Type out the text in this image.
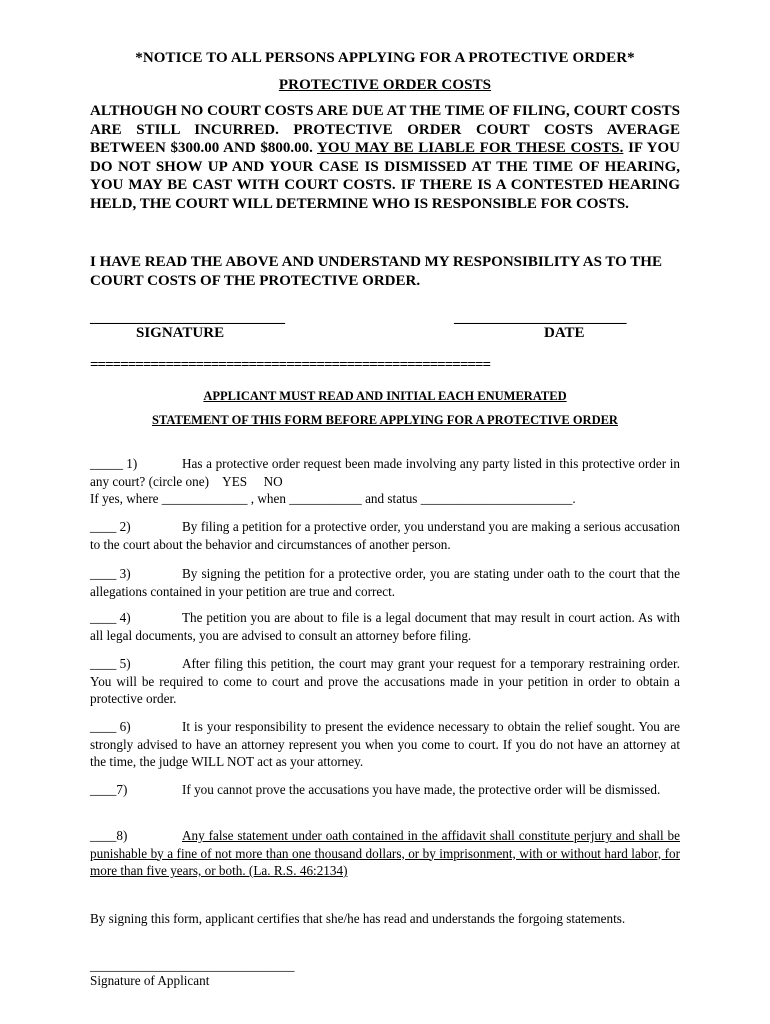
*NOTICE TO ALL PERSONS APPLYING FOR A PROTECTIVE ORDER*
PROTECTIVE ORDER COSTS
ALTHOUGH NO COURT COSTS ARE DUE AT THE TIME OF FILING, COURT COSTS ARE STILL INCURRED. PROTECTIVE ORDER COURT COSTS AVERAGE BETWEEN $300.00 AND $800.00. YOU MAY BE LIABLE FOR THESE COSTS. IF YOU DO NOT SHOW UP AND YOUR CASE IS DISMISSED AT THE TIME OF HEARING, YOU MAY BE CAST WITH COURT COSTS. IF THERE IS A CONTESTED HEARING HELD, THE COURT WILL DETERMINE WHO IS RESPONSIBLE FOR COSTS.
I HAVE READ THE ABOVE AND UNDERSTAND MY RESPONSIBILITY AS TO THE COURT COSTS OF THE PROTECTIVE ORDER.
__________________________
SIGNATURE
_______________________
DATE
=====================================================
APPLICANT MUST READ AND INITIAL EACH ENUMERATED
STATEMENT OF THIS FORM BEFORE APPLYING FOR A PROTECTIVE ORDER
_____ 1)	Has a protective order request been made involving any party listed in this protective order in any court? (circle one) YES NO
If yes, where _____________ , when ___________ and status _______________________.
____ 2)	By filing a petition for a protective order, you understand you are making a serious accusation to the court about the behavior and circumstances of another person.
____ 3)	By signing the petition for a protective order, you are stating under oath to the court that the allegations contained in your petition are true and correct.
____ 4)	The petition you are about to file is a legal document that may result in court action. As with all legal documents, you are advised to consult an attorney before filing.
____ 5)	After filing this petition, the court may grant your request for a temporary restraining order. You will be required to come to court and prove the accusations made in your petition in order to obtain a protective order.
____ 6)	It is your responsibility to present the evidence necessary to obtain the relief sought. You are strongly advised to have an attorney represent you when you come to court. If you do not have an attorney at the time, the judge WILL NOT act as your attorney.
____7)	If you cannot prove the accusations you have made, the protective order will be dismissed.
____8)	Any false statement under oath contained in the affidavit shall constitute perjury and shall be punishable by a fine of not more than one thousand dollars, or by imprisonment, with or without hard labor, for more than five years, or both. (La. R.S. 46:2134)
By signing this form, applicant certifies that she/he has read and understands the forgoing statements.
_______________________________
Signature of Applicant
